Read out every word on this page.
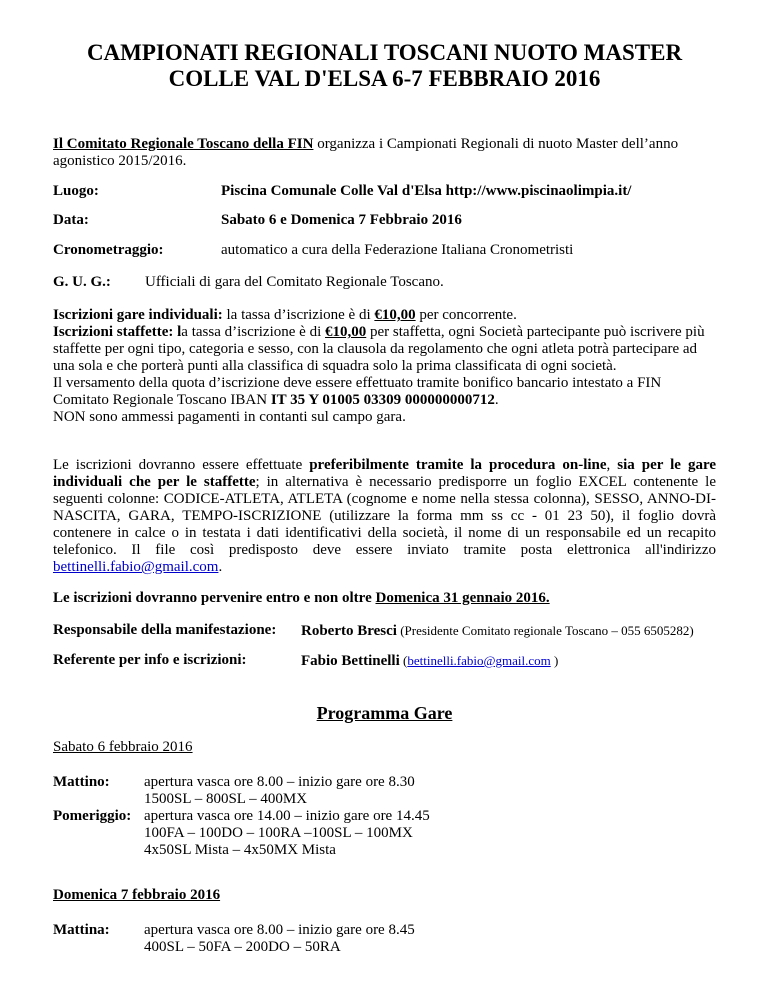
CAMPIONATI REGIONALI TOSCANI NUOTO MASTER
COLLE VAL D'ELSA 6-7 FEBBRAIO 2016
Il Comitato Regionale Toscano della FIN organizza i Campionati Regionali di nuoto Master dell’anno agonistico 2015/2016.
Luogo:	Piscina Comunale Colle Val d'Elsa http://www.piscinaolimpia.it/
Data:	Sabato 6 e Domenica 7 Febbraio 2016
Cronometraggio:	automatico a cura della Federazione Italiana Cronometristi
G. U. G.: Ufficiali di gara del Comitato Regionale Toscano.

Iscrizioni gare individuali: la tassa d’iscrizione è di €10,00 per concorrente.

Iscrizioni staffette: la tassa d’iscrizione è di €10,00 per staffetta, ogni Società partecipante può iscrivere più staffette per ogni tipo, categoria e sesso, con la clausola da regolamento che ogni atleta potrà partecipare ad una sola e che porterà punti alla classifica di squadra solo la prima classificata di ogni società.

Il versamento della quota d’iscrizione deve essere effettuato tramite bonifico bancario intestato a FIN Comitato Regionale Toscano IBAN IT 35 Y 01005 03309 000000000712.

NON sono ammessi pagamenti in contanti sul campo gara.

Le iscrizioni dovranno essere effettuate preferibilmente tramite la procedura on-line, sia per le gare individuali che per le staffette; in alternativa è necessario predisporre un foglio EXCEL contenente le seguenti colonne: CODICE-ATLETA, ATLETA (cognome e nome nella stessa colonna), SESSO, ANNO-DI-NASCITA, GARA, TEMPO-ISCRIZIONE (utilizzare la forma mm ss cc - 01 23 50), il foglio dovrà contenere in calce o in testata i dati identificativi della società, il nome di un responsabile ed un recapito telefonico. Il file così predisposto deve essere inviato tramite posta elettronica all'indirizzo bettinelli.fabio@gmail.com.
Le iscrizioni dovranno pervenire entro e non oltre Domenica 31 gennaio 2016.
Responsabile della manifestazione: Roberto Bresci (Presidente Comitato regionale Toscano – 055 6505282)
Referente per info e iscrizioni:	Fabio Bettinelli (bettinelli.fabio@gmail.com )
Programma Gare
Sabato 6 febbraio 2016
Mattino: apertura vasca ore 8.00 – inizio gare ore 8.30
1500SL – 800SL – 400MX
Pomeriggio: apertura vasca ore 14.00 – inizio gare ore 14.45
100FA – 100DO – 100RA –100SL – 100MX
4x50SL Mista – 4x50MX Mista
Domenica 7 febbraio 2016
Mattina: apertura vasca ore 8.00 – inizio gare ore 8.45
400SL – 50FA – 200DO – 50RA
